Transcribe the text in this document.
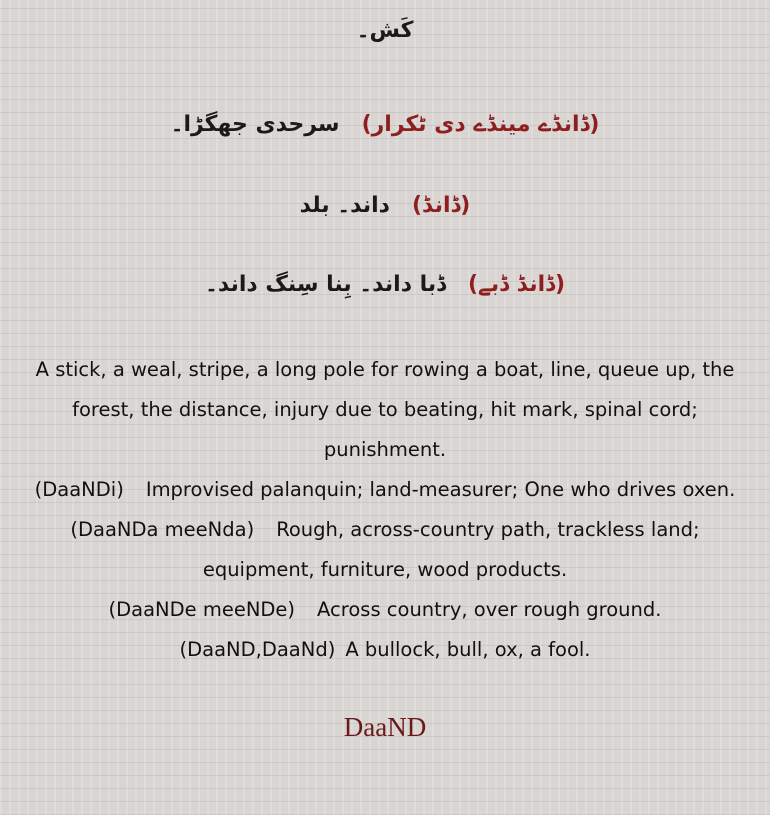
کَش۔
(ڈانڈے مینڈے دی ٹکرار)سرحدی جھگڑا۔
(ڈانڈ)داند۔ بلد
(ڈانڈ ڈبے)ڈبا داند۔ بِنا سِنگ داند۔

A stick, a weal, stripe, a long pole for rowing a boat, line, queue up, the forest, the distance, injury due to beating, hit mark, spinal cord; punishment.

(DaaNDi) Improvised palanquin; land-measurer; One who drives oxen.

(DaaNDa meeNda) Rough, across-country path, trackless land; equipment, furniture, wood products.

(DaaNDe meeNDe) Across country, over rough ground.

(DaaND,DaaNd) A bullock, bull, ox, a fool.

DaaND
